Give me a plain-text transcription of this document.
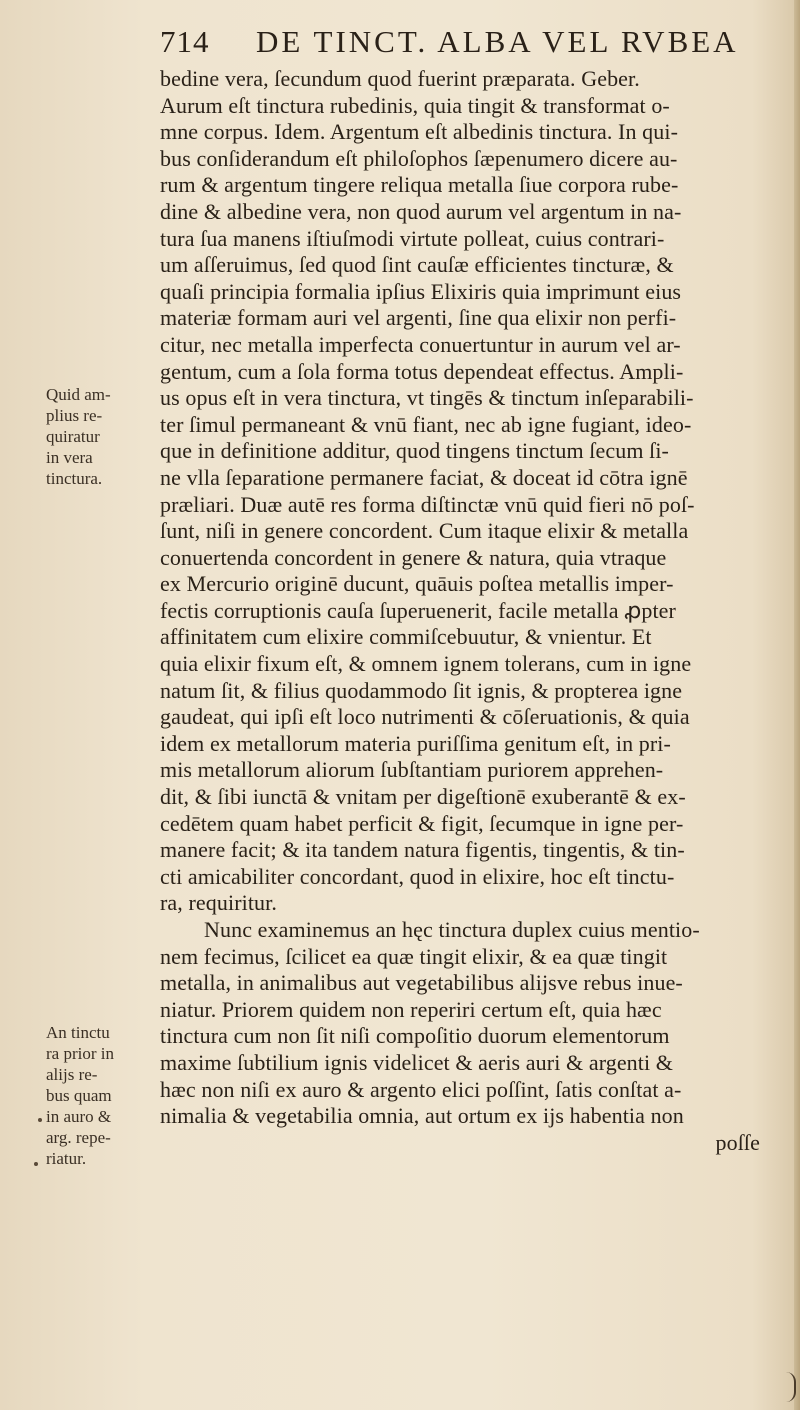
714 DE TINCT. ALBA VEL RVBEA
bedine vera, ſecundum quod fuerint præparata. Geber.
Aurum eſt tinctura rubedinis, quia tingit & transformat o-
mne corpus. Idem. Argentum eſt albedinis tinctura. In qui-
bus conſiderandum eſt philoſophos ſæpenumero dicere au-
rum & argentum tingere reliqua metalla ſiue corpora rube-
dine & albedine vera, non quod aurum vel argentum in na-
tura ſua manens iſtiuſmodi virtute polleat, cuius contrari-
um aſſeruimus, ſed quod ſint cauſæ efficientes tincturæ, &
quaſi principia formalia ipſius Elixiris quia imprimunt eius
materiæ formam auri vel argenti, ſine qua elixir non perfi-
citur, nec metalla imperfecta conuertuntur in aurum vel ar-
gentum, cum a ſola forma totus dependeat effectus. Ampli-
us opus eſt in vera tinctura, vt tingēs & tinctum inſeparabili-
ter ſimul permaneant & vnū fiant, nec ab igne fugiant, ideo-
que in definitione additur, quod tingens tinctum ſecum ſi-
ne vlla ſeparatione permanere faciat, & doceat id cōtra ignē
præliari. Duæ autē res forma diſtinctæ vnū quid fieri nō poſ-
ſunt, niſi in genere concordent. Cum itaque elixir & metalla
conuertenda concordent in genere & natura, quia vtraque
ex Mercurio originē ducunt, quāuis poſtea metallis imper-
fectis corruptionis cauſa ſuperuenerit, facile metalla ꝓpter
affinitatem cum elixire commiſcebuutur, & vnientur. Et
quia elixir fixum eſt, & omnem ignem tolerans, cum in igne
natum ſit, & filius quodammodo ſit ignis, & propterea igne
gaudeat, qui ipſi eſt loco nutrimenti & cōſeruationis, & quia
idem ex metallorum materia puriſſima genitum eſt, in pri-
mis metallorum aliorum ſubſtantiam puriorem apprehen-
dit, & ſibi iunctā & vnitam per digeſtionē exuberantē & ex-
cedētem quam habet perficit & figit, ſecumque in igne per-
manere facit; & ita tandem natura figentis, tingentis, & tin-
cti amicabiliter concordant, quod in elixire, hoc eſt tinctu-
ra, requiritur.
Nunc examinemus an hęc tinctura duplex cuius mentio-
nem fecimus, ſcilicet ea quæ tingit elixir, & ea quæ tingit
metalla, in animalibus aut vegetabilibus alijsve rebus inue-
niatur. Priorem quidem non reperiri certum eſt, quia hæc
tinctura cum non ſit niſi compoſitio duorum elementorum
maxime ſubtilium ignis videlicet & aeris auri & argenti &
hæc non niſi ex auro & argento elici poſſint, ſatis conſtat a-
nimalia & vegetabilia omnia, aut ortum ex ijs habentia non
poſſe
Quid am-
plius re-
quiratur
in vera
tinctura.
An tinctu
ra prior in
alijs re-
bus quam
in auro &
arg. repe-
riatur.
